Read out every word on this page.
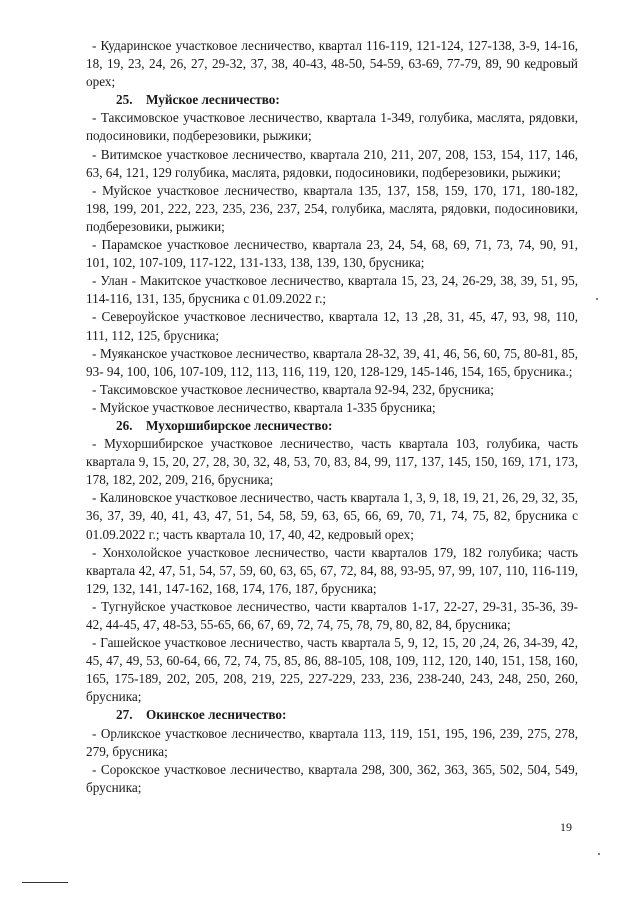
- Кударинское участковое лесничество, квартал 116-119, 121-124, 127-138, 3-9, 14-16, 18, 19, 23, 24, 26, 27, 29-32, 37, 38, 40-43, 48-50, 54-59, 63-69, 77-79, 89, 90 кедровый орех;

25. Муйское лесничество:

- Таксимовское участковое лесничество, квартала 1-349, голубика, маслята, рядовки, подосиновики, подберезовики, рыжики;

- Витимское участковое лесничество, квартала 210, 211, 207, 208, 153, 154, 117, 146, 63, 64, 121, 129 голубика, маслята, рядовки, подосиновики, подберезовики, рыжики;

- Муйское участковое лесничество, квартала 135, 137, 158, 159, 170, 171, 180-182, 198, 199, 201, 222, 223, 235, 236, 237, 254, голубика, маслята, рядовки, подосиновики, подберезовики, рыжики;

- Парамское участковое лесничество, квартала 23, 24, 54, 68, 69, 71, 73, 74, 90, 91, 101, 102, 107-109, 117-122, 131-133, 138, 139, 130, брусника;

- Улан - Макитское участковое лесничество, квартала 15, 23, 24, 26-29, 38, 39, 51, 95, 114-116, 131, 135, брусника с 01.09.2022 г.;

- Североуйское участковое лесничество, квартала 12, 13 ,28, 31, 45, 47, 93, 98, 110, 111, 112, 125, брусника;

- Муяканское участковое лесничество, квартала 28-32, 39, 41, 46, 56, 60, 75, 80-81, 85, 93- 94, 100, 106, 107-109, 112, 113, 116, 119, 120, 128-129, 145-146, 154, 165, брусника.;

- Таксимовское участковое лесничество, квартала 92-94, 232, брусника;

- Муйское участковое лесничество, квартала 1-335 брусника;

26. Мухоршибирское лесничество:

- Мухоршибирское участковое лесничество, часть квартала 103, голубика, часть квартала 9, 15, 20, 27, 28, 30, 32, 48, 53, 70, 83, 84, 99, 117, 137, 145, 150, 169, 171, 173, 178, 182, 202, 209, 216, брусника;

- Калиновское участковое лесничество, часть квартала 1, 3, 9, 18, 19, 21, 26, 29, 32, 35, 36, 37, 39, 40, 41, 43, 47, 51, 54, 58, 59, 63, 65, 66, 69, 70, 71, 74, 75, 82, брусника с 01.09.2022 г.; часть квартала 10, 17, 40, 42, кедровый орех;

- Хонхолойское участковое лесничество, части кварталов 179, 182 голубика; часть квартала 42, 47, 51, 54, 57, 59, 60, 63, 65, 67, 72, 84, 88, 93-95, 97, 99, 107, 110, 116-119, 129, 132, 141, 147-162, 168, 174, 176, 187, брусника;

- Тугнуйское участковое лесничество, части кварталов 1-17, 22-27, 29-31, 35-36, 39-42, 44-45, 47, 48-53, 55-65, 66, 67, 69, 72, 74, 75, 78, 79, 80, 82, 84, брусника;

- Гашейское участковое лесничество, часть квартала 5, 9, 12, 15, 20 ,24, 26, 34-39, 42, 45, 47, 49, 53, 60-64, 66, 72, 74, 75, 85, 86, 88-105, 108, 109, 112, 120, 140, 151, 158, 160, 165, 175-189, 202, 205, 208, 219, 225, 227-229, 233, 236, 238-240, 243, 248, 250, 260, брусника;

27. Окинское лесничество:

- Орликское участковое лесничество, квартала 113, 119, 151, 195, 196, 239, 275, 278, 279, брусника;

- Сорокское участковое лесничество, квартала 298, 300, 362, 363, 365, 502, 504, 549, брусника;

19
